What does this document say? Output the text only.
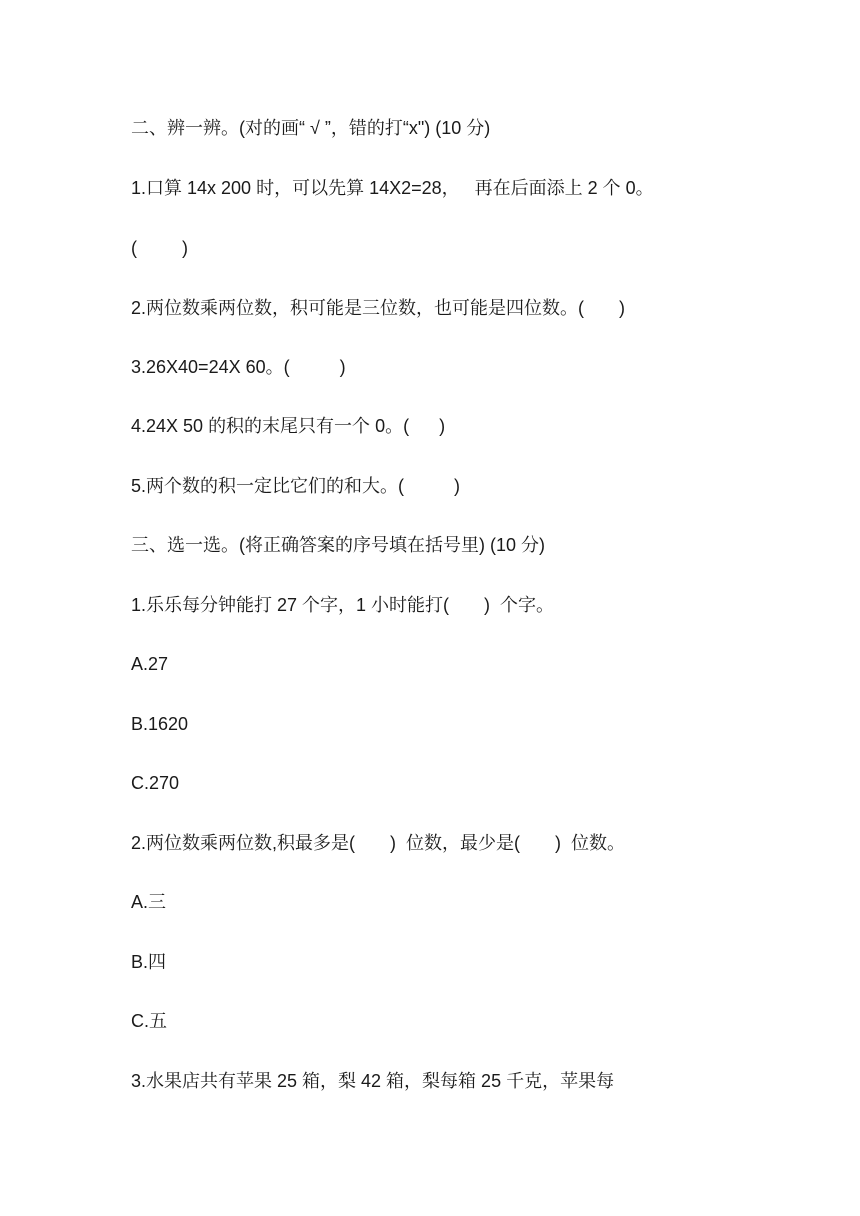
二、辨一辨。(对的画“ √ ”，错的打“x") (10 分)
1.口算 14x 200 时，可以先算 14X2=28，   再在后面添上 2 个 0。
(         )
2.两位数乘两位数，积可能是三位数，也可能是四位数。(       )
3.26X40=24X 60。(          )
4.24X 50 的积的末尾只有一个 0。(      )
5.两个数的积一定比它们的和大。(          )
三、选一选。(将正确答案的序号填在括号里) (10 分)
1.乐乐每分钟能打 27 个字，1 小时能打(       )  个字。
A.27
B.1620
C.270
2.两位数乘两位数,积最多是(       )  位数，最少是(       )  位数。
A.三
B.四
C.五
3.水果店共有苹果 25 箱，梨 42 箱，梨每箱 25 千克，苹果每
